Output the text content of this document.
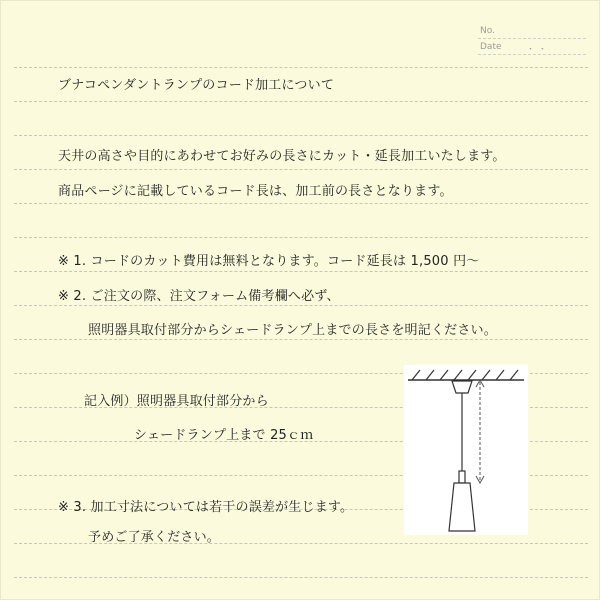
No.
Date	・ ・
ブナコペンダントランプのコード加工について
天井の高さや目的にあわせてお好みの長さにカット・延長加工いたします。
商品ページに記載しているコード長は、加工前の長さとなります。
※ 1. コードのカット費用は無料となります。コード延長は 1,500 円〜
※ 2. ご注文の際、注文フォーム備考欄へ必ず、
照明器具取付部分からシェードランプ上までの長さを明記ください。
記入例）照明器具取付部分から
シェードランプ上まで 25ｃｍ
※ 3. 加工寸法については若干の誤差が生じます。
予めご了承ください。
